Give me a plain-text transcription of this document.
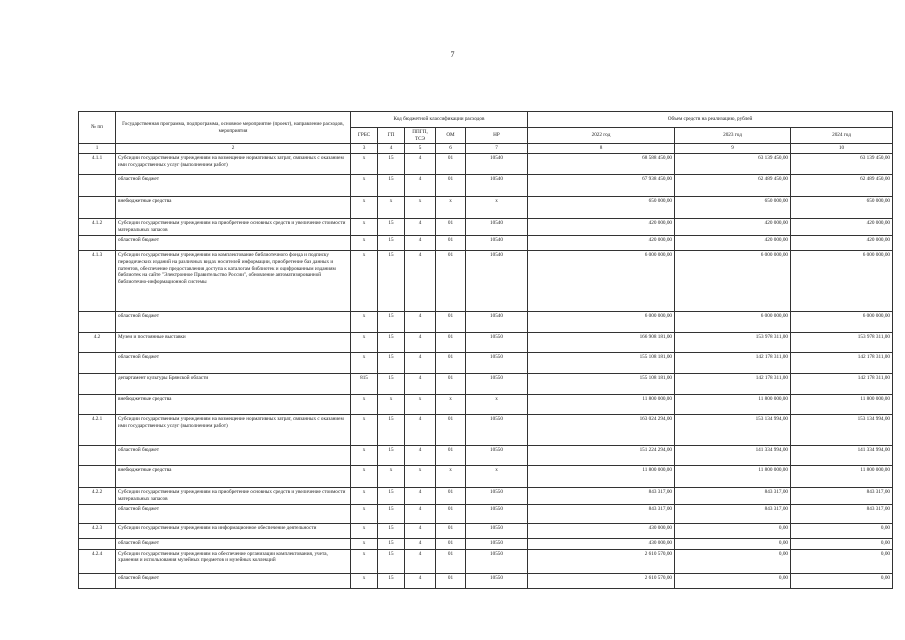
7
№ пп	Государственная программа, подпрограмма, основное мероприятие (проект), направление расходов, мероприятия	Код бюджетной классификации расходов					Объем средств на реализацию, рублей		
		ГРБС	ГП	ППГП, ТСЭ	ОМ	НР	2022 год	2023 год	2024 год
1	2	3	4	5	6	7	8	9	10
4.1.1	Субсидии государственным учреждениям на возмещение нормативных затрат, связанных с оказанием ими государственных услуг (выполнением работ)	х	15	4	01	10540	68 588 450,00	63 139 450,00	63 139 450,00
	областной бюджет	х	15	4	01	10540	67 938 450,00	62 489 450,00	62 489 450,00
	внебюджетные средства	х	х	х	х	х	650 000,00	650 000,00	650 000,00
4.1.2	Субсидии государственным учреждениям на приобретение основных средств и увеличение стоимости материальных запасов	х	15	4	01	10540	420 000,00	420 000,00	420 000,00
	областной бюджет	х	15	4	01	10540	420 000,00	420 000,00	420 000,00
4.1.3	Субсидии государственным учреждениям на комплектование библиотечного фонда и подписку периодических изданий на различных видах носителей информации, приобретение баз данных и патентов, обеспечение предоставления доступа к каталогам библиотек и оцифрованным изданиям библиотек на сайте "Электронное Правительство России", обновление автоматизированной библиотечно-информационной системы	х	15	4	01	10540	6 000 000,00	6 000 000,00	6 000 000,00
	областной бюджет	х	15	4	01	10540	6 000 000,00	6 000 000,00	6 000 000,00
4.2	Музеи и постоянные выставки	х	15	4	01	10550	166 908 181,00	153 978 311,00	153 978 311,00
	областной бюджет	х	15	4	01	10550	155 108 181,00	142 178 311,00	142 178 311,00
	департамент культуры Брянской области	815	15	4	01	10550	155 108 181,00	142 178 311,00	142 178 311,00
	внебюджетные средства	х	х	х	х	х	11 800 000,00	11 800 000,00	11 800 000,00
4.2.1	Субсидии государственным учреждениям на возмещение нормативных затрат, связанных с оказанием ими государственных услуг (выполнением работ)	х	15	4	01	10550	163 024 294,00	153 134 994,00	153 134 994,00
	областной бюджет	х	15	4	01	10550	151 224 294,00	141 334 994,00	141 334 994,00
	внебюджетные средства	х	х	х	х	х	11 800 000,00	11 800 000,00	11 800 000,00
4.2.2	Субсидии государственным учреждениям на приобретение основных средств и увеличение стоимости материальных запасов	х	15	4	01	10550	843 317,00	843 317,00	843 317,00
	областной бюджет	х	15	4	01	10550	843 317,00	843 317,00	843 317,00
4.2.3	Субсидии государственным учреждениям на информационное обеспечение деятельности	х	15	4	01	10550	430 000,00	0,00	0,00
	областной бюджет	х	15	4	01	10550	430 000,00	0,00	0,00
4.2.4	Субсидии государственным учреждениям на обеспечение организации комплектования, учета, хранения и использования музейных предметов и музейных коллекций	х	15	4	01	10550	2 610 570,00	0,00	0,00
	областной бюджет	х	15	4	01	10550	2 610 570,00	0,00	0,00
